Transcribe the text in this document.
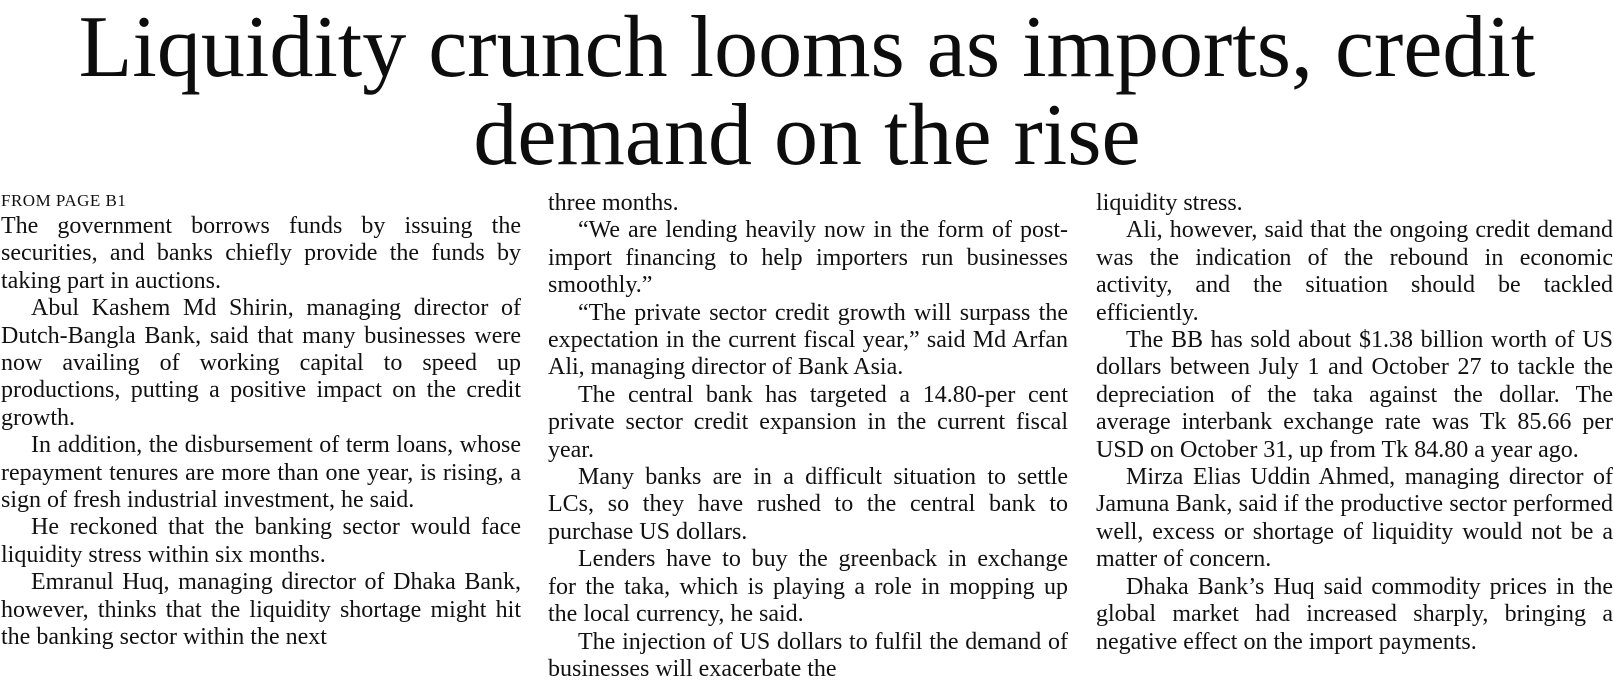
Liquidity crunch looms as imports, credit
demand on the rise
FROM PAGE B1

The government borrows funds by issuing the securities, and banks chiefly provide the funds by taking part in auctions.

Abul Kashem Md Shirin, managing director of Dutch-Bangla Bank, said that many businesses were now availing of working capital to speed up productions, putting a positive impact on the credit growth.

In addition, the disbursement of term loans, whose repayment tenures are more than one year, is rising, a sign of fresh industrial investment, he said.

He reckoned that the banking sector would face liquidity stress within six months.

Emranul Huq, managing director of Dhaka Bank, however, thinks that the liquidity shortage might hit the banking sector within the next

three months.

“We are lending heavily now in the form of post-import financing to help importers run businesses smoothly.”

“The private sector credit growth will surpass the expectation in the current fiscal year,” said Md Arfan Ali, managing director of Bank Asia.

The central bank has targeted a 14.80-per cent private sector credit expansion in the current fiscal year.

Many banks are in a difficult situation to settle LCs, so they have rushed to the central bank to purchase US dollars.

Lenders have to buy the greenback in exchange for the taka, which is playing a role in mopping up the local currency, he said.

The injection of US dollars to fulfil the demand of businesses will exacerbate the

liquidity stress.

Ali, however, said that the ongoing credit demand was the indication of the rebound in economic activity, and the situation should be tackled efficiently.

The BB has sold about $1.38 billion worth of US dollars between July 1 and October 27 to tackle the depreciation of the taka against the dollar. The average interbank exchange rate was Tk 85.66 per USD on October 31, up from Tk 84.80 a year ago.

Mirza Elias Uddin Ahmed, managing director of Jamuna Bank, said if the productive sector performed well, excess or shortage of liquidity would not be a matter of concern.

Dhaka Bank’s Huq said commodity prices in the global market had increased sharply, bringing a negative effect on the import payments.
